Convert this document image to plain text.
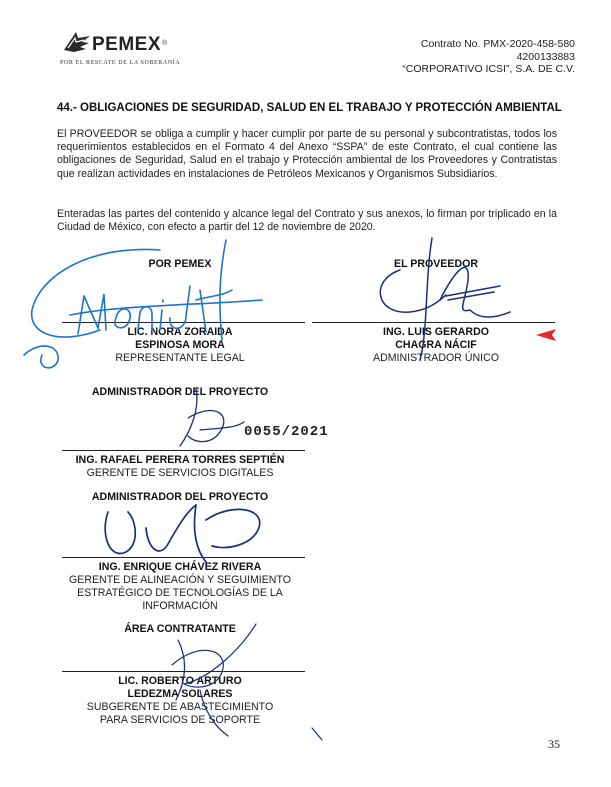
PEMEX ®
POR EL RESCATE DE LA SOBERANÍA
Contrato No. PMX-2020-458-580
4200133883
“CORPORATIVO ICSI”, S.A. DE C.V.
44.- OBLIGACIONES DE SEGURIDAD, SALUD EN EL TRABAJO Y PROTECCIÓN AMBIENTAL
El PROVEEDOR se obliga a cumplir y hacer cumplir por parte de su personal y subcontratistas, todos los requerimientos establecidos en el Formato 4 del Anexo “SSPA” de este Contrato, el cual contiene las obligaciones de Seguridad, Salud en el trabajo y Protección ambiental de los Proveedores y Contratistas que realizan actividades en instalaciones de Petróleos Mexicanos y Organismos Subsidiarios.
Enteradas las partes del contenido y alcance legal del Contrato y sus anexos, lo firman por triplicado en la Ciudad de México, con efecto a partir del 12 de noviembre de 2020.
POR PEMEX
LIC. NORA ZORAIDA
ESPINOSA MORA
REPRESENTANTE LEGAL
EL PROVEEDOR
ING. LUIS GERARDO
CHAGRA NÁCIF
ADMINISTRADOR ÚNICO
ADMINISTRADOR DEL PROYECTO
0055/2021
ING. RAFAEL PERERA TORRES SEPTIÉN
GERENTE DE SERVICIOS DIGITALES
ADMINISTRADOR DEL PROYECTO
ING. ENRIQUE CHÁVEZ RIVERA
GERENTE DE ALINEACIÓN Y SEGUIMIENTO
ESTRATÉGICO DE TECNOLOGÍAS DE LA
INFORMACIÓN
ÁREA CONTRATANTE
LIC. ROBERTO ARTURO
LEDEZMA SOLARES
SUBGERENTE DE ABASTECIMIENTO
PARA SERVICIOS DE SOPORTE
35
